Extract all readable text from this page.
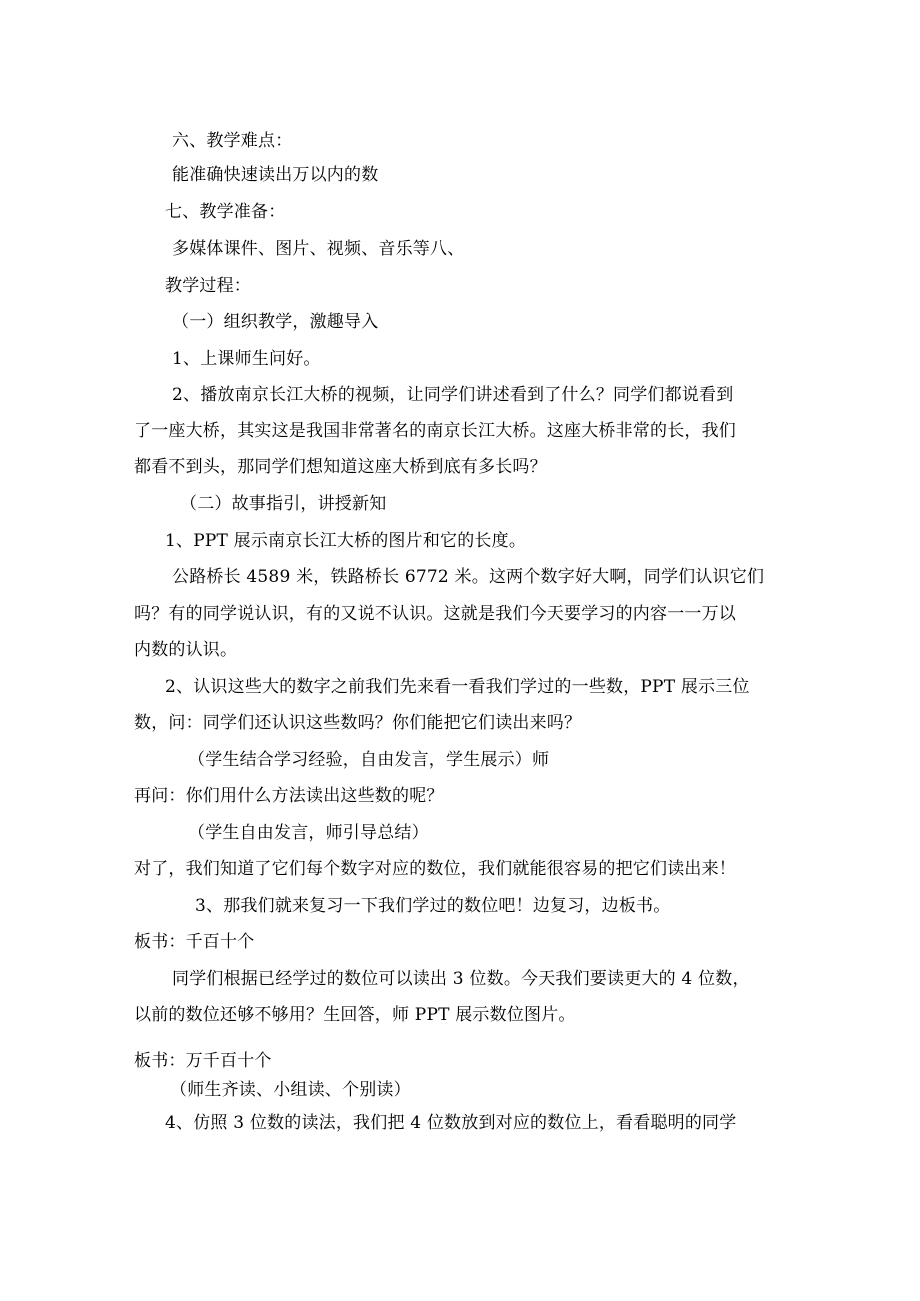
六、教学难点：
能准确快速读出万以内的数
七、教学准备：
多媒体课件、图片、视频、音乐等八、
教学过程：
（一）组织教学，激趣导入
1、上课师生问好。
2、播放南京长江大桥的视频，让同学们讲述看到了什么？同学们都说看到
了一座大桥，其实这是我国非常著名的南京长江大桥。这座大桥非常的长，我们
都看不到头，那同学们想知道这座大桥到底有多长吗？
（二）故事指引，讲授新知
1、PPT 展示南京长江大桥的图片和它的长度。
公路桥长 4589 米，铁路桥长 6772 米。这两个数字好大啊，同学们认识它们
吗？有的同学说认识，有的又说不认识。这就是我们今天要学习的内容一一万以
内数的认识。
2、认识这些大的数字之前我们先来看一看我们学过的一些数，PPT 展示三位
数，问：同学们还认识这些数吗？你们能把它们读出来吗？
（学生结合学习经验，自由发言，学生展示）师
再问：你们用什么方法读出这些数的呢？
（学生自由发言，师引导总结）
对了，我们知道了它们每个数字对应的数位，我们就能很容易的把它们读出来！
3、那我们就来复习一下我们学过的数位吧！边复习，边板书。
板书：千百十个
同学们根据已经学过的数位可以读出 3 位数。今天我们要读更大的 4 位数，
以前的数位还够不够用？生回答，师 PPT 展示数位图片。
板书：万千百十个
（师生齐读、小组读、个别读）
4、仿照 3 位数的读法，我们把 4 位数放到对应的数位上，看看聪明的同学
